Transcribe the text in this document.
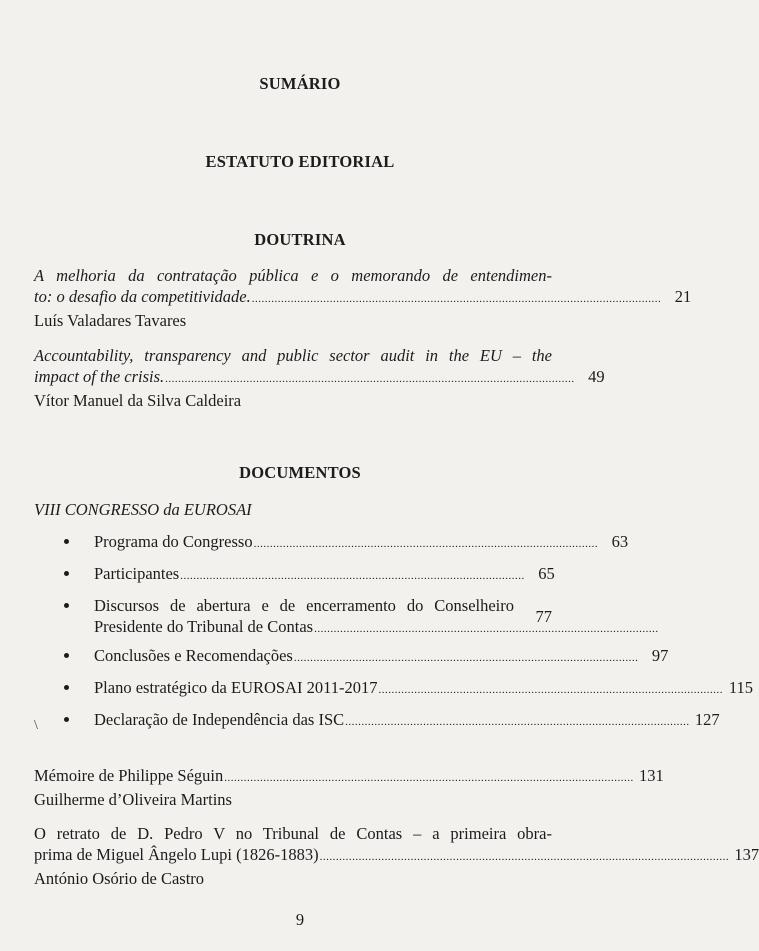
SUMÁRIO
ESTATUTO EDITORIAL
DOUTRINA
A melhoria da contratação pública e o memorando de entendimen-
to: o desafio da competitividade. .............................................................................................................................. 21
Luís Valadares Tavares
Accountability, transparency and public sector audit in the EU – the
impact of the crisis. .............................................................................................................................. 49
Vítor Manuel da Silva Caldeira
DOCUMENTOS
VIII CONGRESSO da EUROSAI
Programa do Congresso .......................................................................................................... 63
Participantes .......................................................................................................... 65
Discursos de abertura e de encerramento do Conselheiro
Presidente do Tribunal de Contas ..........................................................................................................
77
Conclusões e Recomendações .......................................................................................................... 97
Plano estratégico da EUROSAI 2011-2017 .......................................................................................................... 115
Declaração de Independência das ISC .......................................................................................................... 127
\
Mémoire de Philippe Séguin .............................................................................................................................. 131
Guilherme d’Oliveira Martins
O retrato de D. Pedro V no Tribunal de Contas – a primeira obra-
prima de Miguel Ângelo Lupi (1826-1883) .............................................................................................................................. 137
António Osório de Castro
9
